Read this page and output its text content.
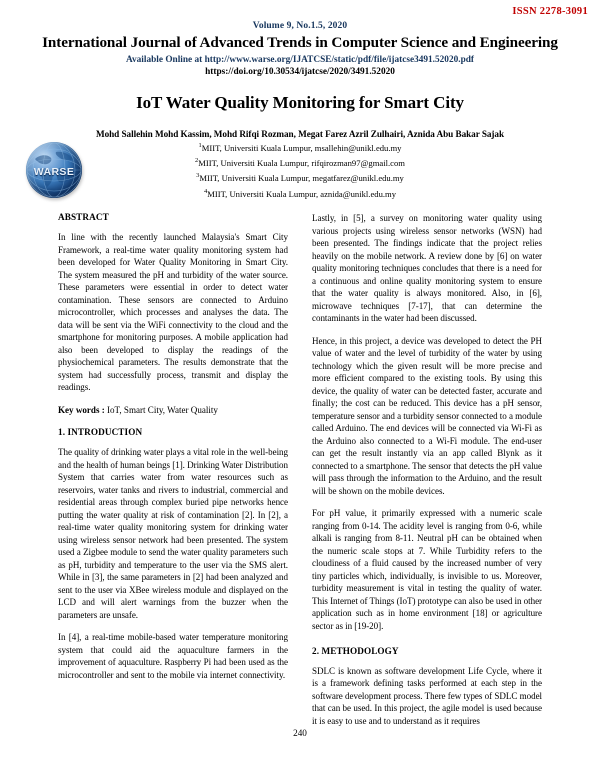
ISSN 2278-3091
Volume 9, No.1.5, 2020
International Journal of Advanced Trends in Computer Science and Engineering
Available Online at http://www.warse.org/IJATCSE/static/pdf/file/ijatcse3491.52020.pdf
https://doi.org/10.30534/ijatcse/2020/3491.52020
IoT Water Quality Monitoring for Smart City
Mohd Sallehin Mohd Kassim, Mohd Rifqi Rozman, Megat Farez Azril Zulhairi, Aznida Abu Bakar Sajak
$^1$MIIT, Universiti Kuala Lumpur, msallehin@unikl.edu.my
$^2$MIIT, Universiti Kuala Lumpur, rifqirozman97@gmail.com
$^3$MIIT, Universiti Kuala Lumpur, megatfarez@unikl.edu.my
$^4$MIIT, Universiti Kuala Lumpur, aznida@unikl.edu.my
WARSE
ABSTRACT

In line with the recently launched Malaysia's Smart City Framework, a real-time water quality monitoring system had been developed for Water Quality Monitoring in Smart City. The system measured the pH and turbidity of the water source. These parameters were essential in order to detect water contamination. These sensors are connected to Arduino microcontroller, which processes and analyses the data. The data will be sent via the WiFi connectivity to the cloud and the smartphone for monitoring purposes. A mobile application had also been developed to display the readings of the physiochemical parameters. The results demonstrate that the system had successfully process, transmit and display the readings.

Key words : IoT, Smart City, Water Quality
1. INTRODUCTION

The quality of drinking water plays a vital role in the well-being and the health of human beings [1]. Drinking Water Distribution System that carries water from water resources such as reservoirs, water tanks and rivers to industrial, commercial and residential areas through complex buried pipe networks hence putting the water quality at risk of contamination [2]. In [2], a real-time water quality monitoring system for drinking water using wireless sensor network had been presented. The system used a Zigbee module to send the water quality parameters such as pH, turbidity and temperature to the user via the SMS alert. While in [3], the same parameters in [2] had been analyzed and sent to the user via XBee wireless module and displayed on the LCD and will alert warnings from the buzzer when the parameters are unsafe.

In [4], a real-time mobile-based water temperature monitoring system that could aid the aquaculture farmers in the improvement of aquaculture. Raspberry Pi had been used as the microcontroller and sent to the mobile via internet connectivity.

Lastly, in [5], a survey on monitoring water quality using various projects using wireless sensor networks (WSN) had been presented. The findings indicate that the project relies heavily on the mobile network. A review done by [6] on water quality monitoring techniques concludes that there is a need for a continuous and online quality monitoring system to ensure that the water quality is always monitored. Also, in [6], microwave techniques [7-17], that can determine the contaminants in the water had been discussed.

Hence, in this project, a device was developed to detect the PH value of water and the level of turbidity of the water by using technology which the given result will be more precise and more efficient compared to the existing tools. By using this device, the quality of water can be detected faster, accurate and finally; the cost can be reduced. This device has a pH sensor, temperature sensor and a turbidity sensor connected to a module called Arduino. The end devices will be connected via Wi-Fi as the Arduino also connected to a Wi-Fi module. The end-user can get the result instantly via an app called Blynk as it connected to a smartphone. The sensor that detects the pH value will pass through the information to the Arduino, and the result will be shown on the mobile devices.

For pH value, it primarily expressed with a numeric scale ranging from 0-14. The acidity level is ranging from 0-6, while alkali is ranging from 8-11. Neutral pH can be obtained when the numeric scale stops at 7. While Turbidity refers to the cloudiness of a fluid caused by the increased number of very tiny particles which, individually, is invisible to us. Moreover, turbidity measurement is vital in testing the quality of water. This Internet of Things (IoT) prototype can also be used in other application such as in home environment [18] or agriculture sector as in [19-20].

2. METHODOLOGY

SDLC is known as software development Life Cycle, where it is a framework defining tasks performed at each step in the software development process. There few types of SDLC model that can be used. In this project, the agile model is used because it is easy to use and to understand as it requires

240
